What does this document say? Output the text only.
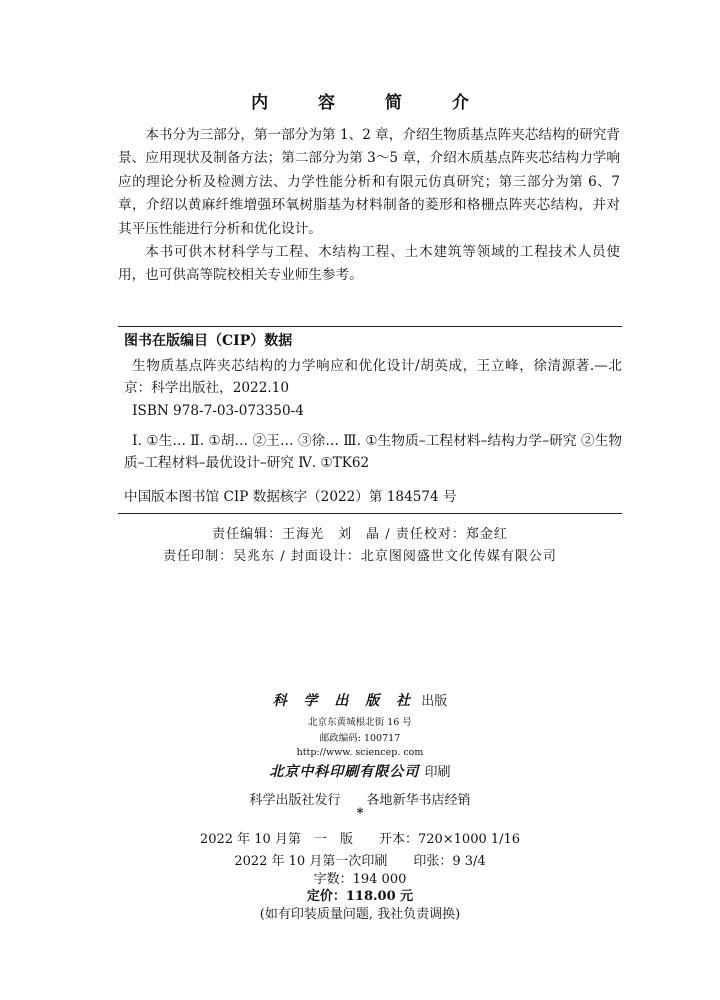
内 容 简 介

本书分为三部分，第一部分为第 1、2 章，介绍生物质基点阵夹芯结构的研究背景、应用现状及制备方法；第二部分为第 3～5 章，介绍木质基点阵夹芯结构力学响应的理论分析及检测方法、力学性能分析和有限元仿真研究；第三部分为第 6、7 章，介绍以黄麻纤维增强环氧树脂基为材料制备的菱形和格栅点阵夹芯结构，并对其平压性能进行分析和优化设计。

本书可供木材科学与工程、木结构工程、土木建筑等领域的工程技术人员使用，也可供高等院校相关专业师生参考。

图书在版编目（CIP）数据

生物质基点阵夹芯结构的力学响应和优化设计/胡英成，王立峰，徐清源著.—北京：科学出版社，2022.10

ISBN 978-7-03-073350-4

Ⅰ. ①生… Ⅱ. ①胡… ②王… ③徐… Ⅲ. ①生物质–工程材料–结构力学–研究 ②生物质–工程材料–最优设计–研究 Ⅳ. ①TK62

中国版本图书馆 CIP 数据核字（2022）第 184574 号

责任编辑：王海光　刘　晶 / 责任校对：郑金红
责任印制：吴兆东 / 封面设计：北京图阅盛世文化传媒有限公司
科 学 出 版 社 出版
北京东黄城根北街 16 号
邮政编码: 100717
http://www. sciencep. com
北京中科印刷有限公司 印刷
科学出版社发行　　各地新华书店经销
*
2022 年 10 月第　一　版　　开本：720×1000 1/16
2022 年 10 月第一次印刷　　印张：9 3/4
字数：194 000
定价：118.00 元
(如有印装质量问题, 我社负责调换)
